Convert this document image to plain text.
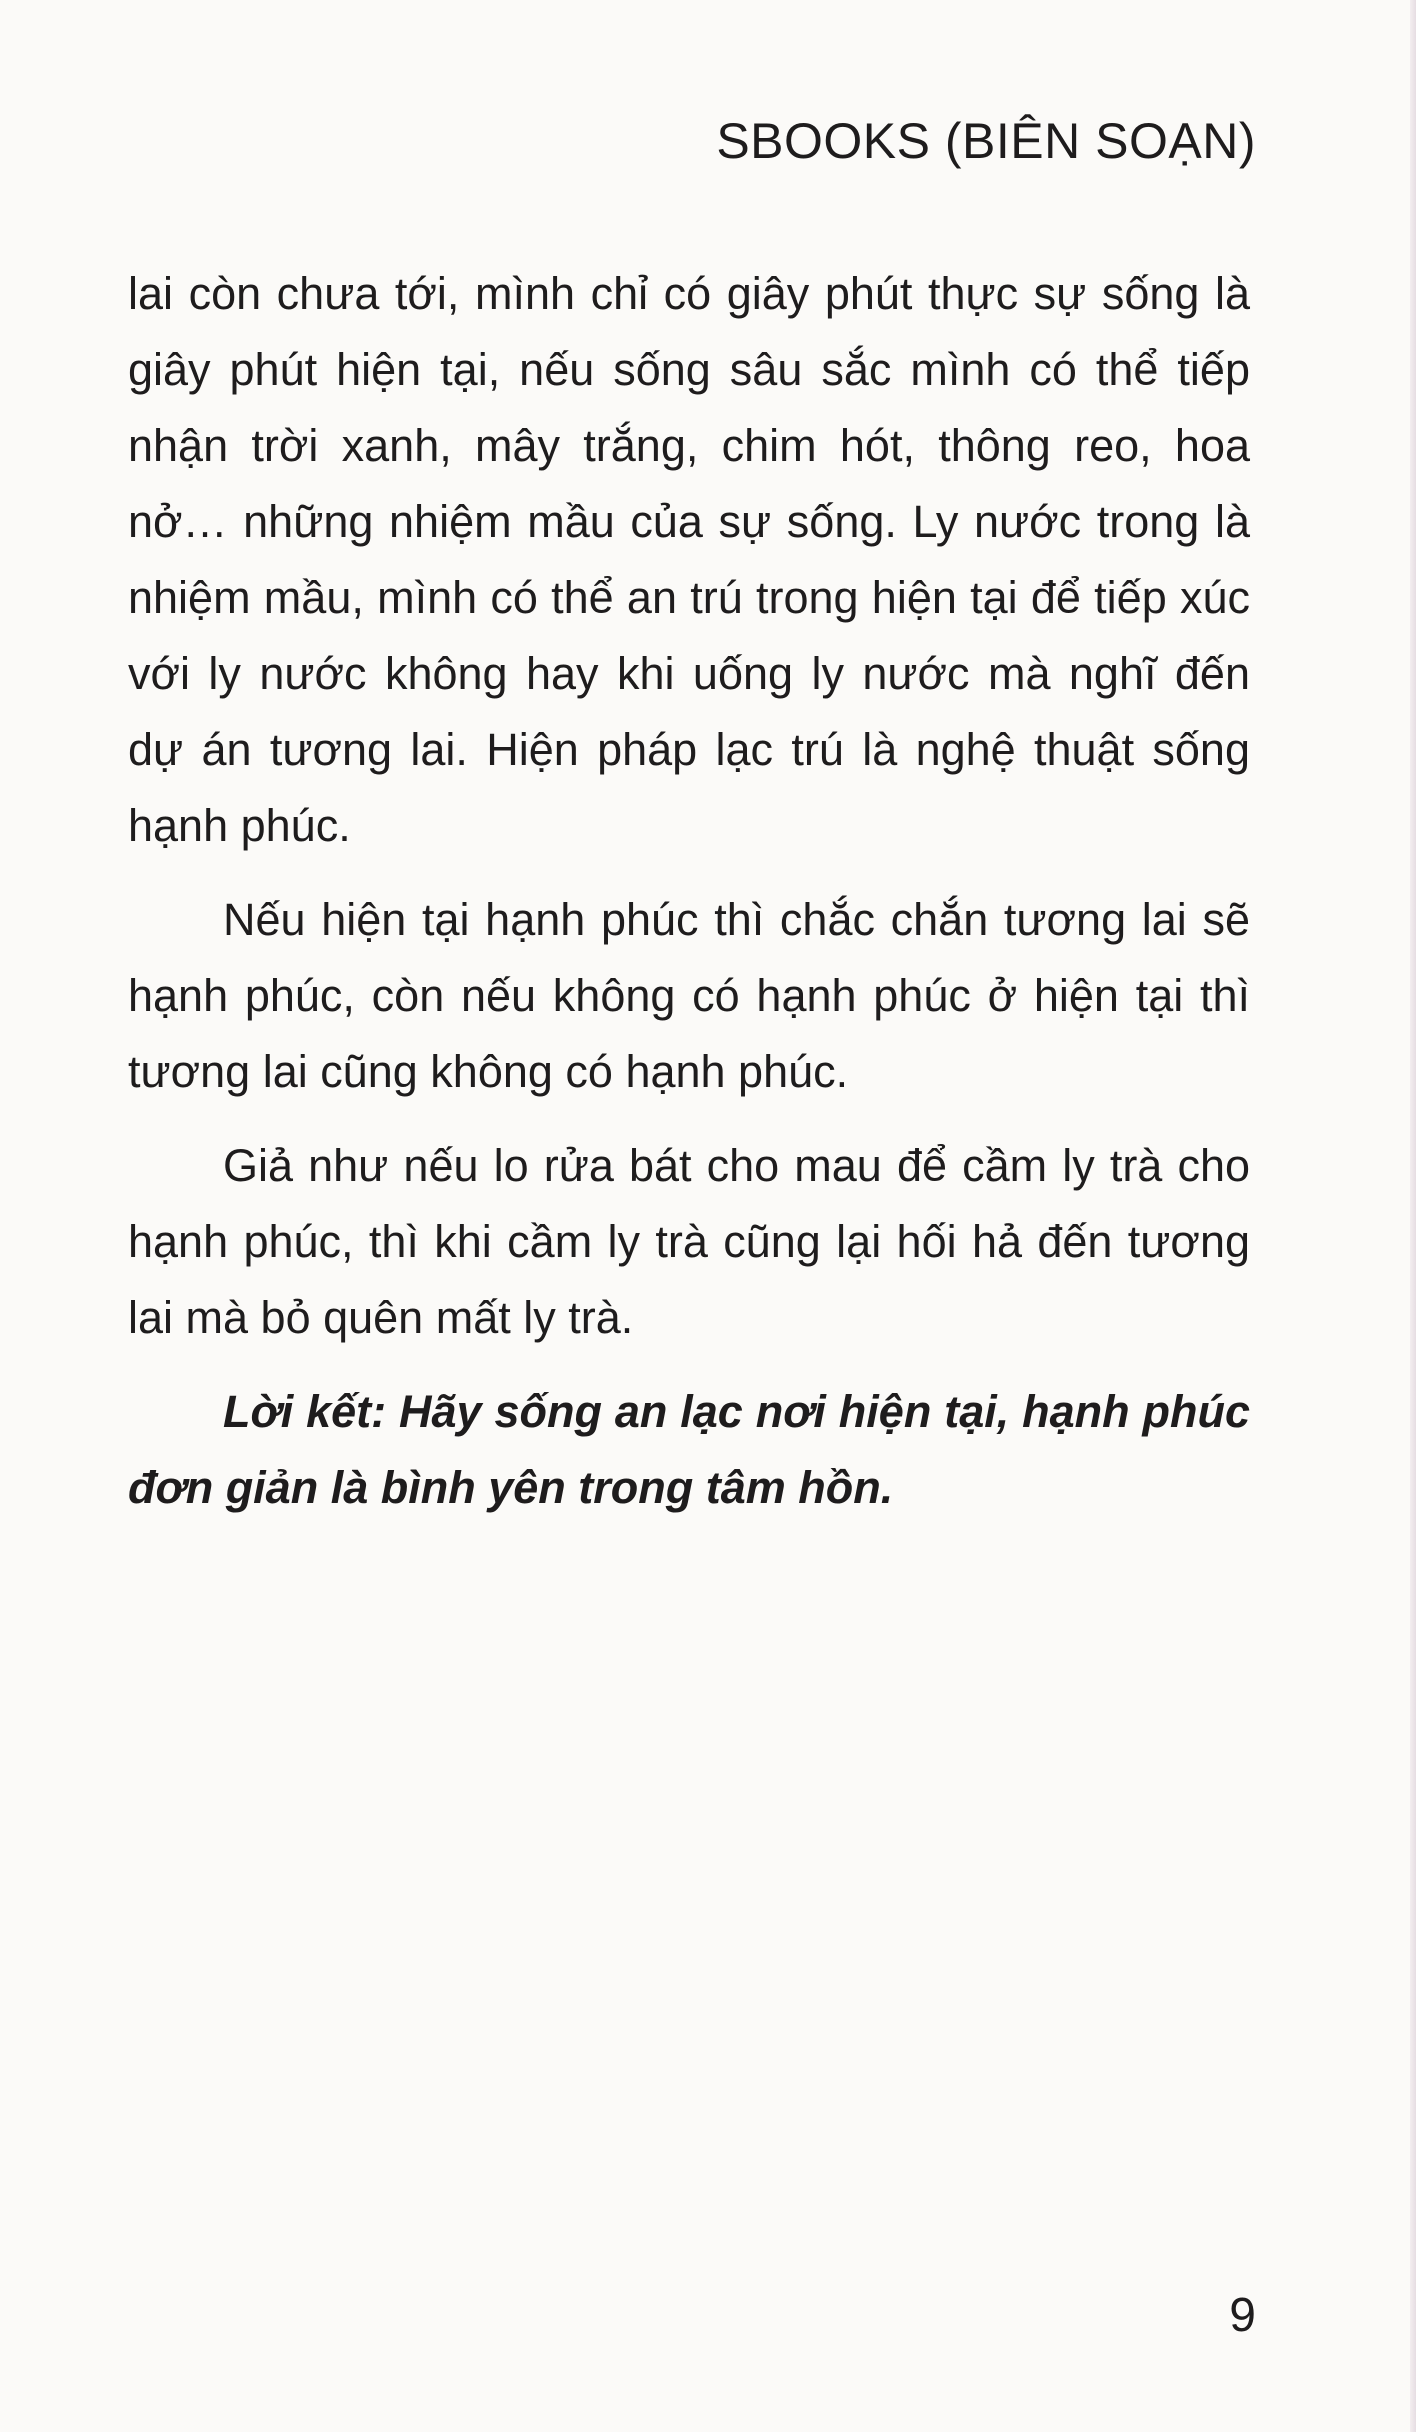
SBOOKS (BIÊN SOẠN)

lai còn chưa tới, mình chỉ có giây phút thực sự sống là giây phút hiện tại, nếu sống sâu sắc mình có thể tiếp nhận trời xanh, mây trắng, chim hót, thông reo, hoa nở… những nhiệm mầu của sự sống. Ly nước trong là nhiệm mầu, mình có thể an trú trong hiện tại để tiếp xúc với ly nước không hay khi uống ly nước mà nghĩ đến dự án tương lai. Hiện pháp lạc trú là nghệ thuật sống hạnh phúc.

Nếu hiện tại hạnh phúc thì chắc chắn tương lai sẽ hạnh phúc, còn nếu không có hạnh phúc ở hiện tại thì tương lai cũng không có hạnh phúc.

Giả như nếu lo rửa bát cho mau để cầm ly trà cho hạnh phúc, thì khi cầm ly trà cũng lại hối hả đến tương lai mà bỏ quên mất ly trà.

Lời kết: Hãy sống an lạc nơi hiện tại, hạnh phúc đơn giản là bình yên trong tâm hồn.

9
